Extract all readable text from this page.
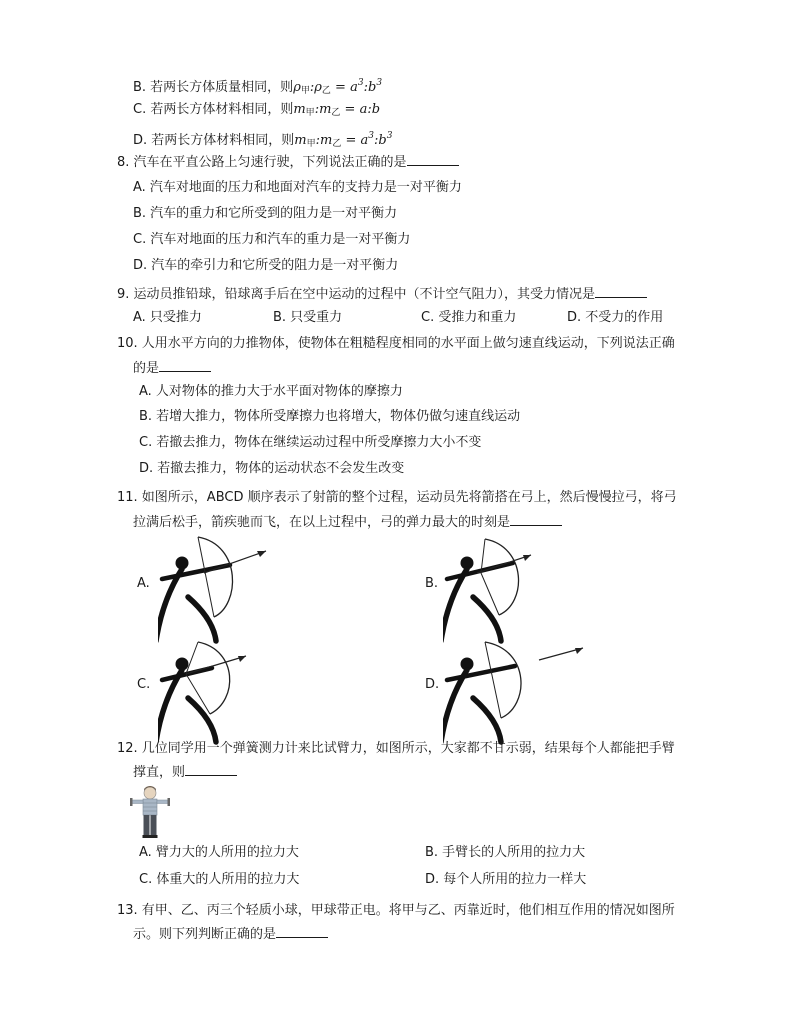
B. 若两长方体质量相同，则$\rho_甲:\rho_乙$ = $a^3:b^3$
C. 若两长方体材料相同，则$m_甲:m_乙$ = a:b
D. 若两长方体材料相同，则$m_甲:m_乙$ = $a^3:b^3$
8. 汽车在平直公路上匀速行驶，下列说法正确的是
A. 汽车对地面的压力和地面对汽车的支持力是一对平衡力
B. 汽车的重力和它所受到的阻力是一对平衡力
C. 汽车对地面的压力和汽车的重力是一对平衡力
D. 汽车的牵引力和它所受的阻力是一对平衡力
9. 运动员推铅球，铅球离手后在空中运动的过程中（不计空气阻力），其受力情况是
A. 只受推力	B. 只受重力	C. 受推力和重力	D. 不受力的作用
10. 人用水平方向的力推物体，使物体在粗糙程度相同的水平面上做匀速直线运动，下列说法正确
的是
A. 人对物体的推力大于水平面对物体的摩擦力
B. 若增大推力，物体所受摩擦力也将增大，物体仍做匀速直线运动
C. 若撤去推力，物体在继续运动过程中所受摩擦力大小不变
D. 若撤去推力，物体的运动状态不会发生改变
11. 如图所示，ABCD 顺序表示了射箭的整个过程，运动员先将箭搭在弓上，然后慢慢拉弓，将弓
拉满后松手，箭疾驰而飞，在以上过程中，弓的弹力最大的时刻是
A.	B.
C.	D.
12. 几位同学用一个弹簧测力计来比试臂力，如图所示，大家都不甘示弱，结果每个人都能把手臂
撑直，则
A. 臂力大的人所用的拉力大	B. 手臂长的人所用的拉力大
C. 体重大的人所用的拉力大	D. 每个人所用的拉力一样大
13. 有甲、乙、丙三个轻质小球，甲球带正电。将甲与乙、丙靠近时，他们相互作用的情况如图所
示。则下列判断正确的是
